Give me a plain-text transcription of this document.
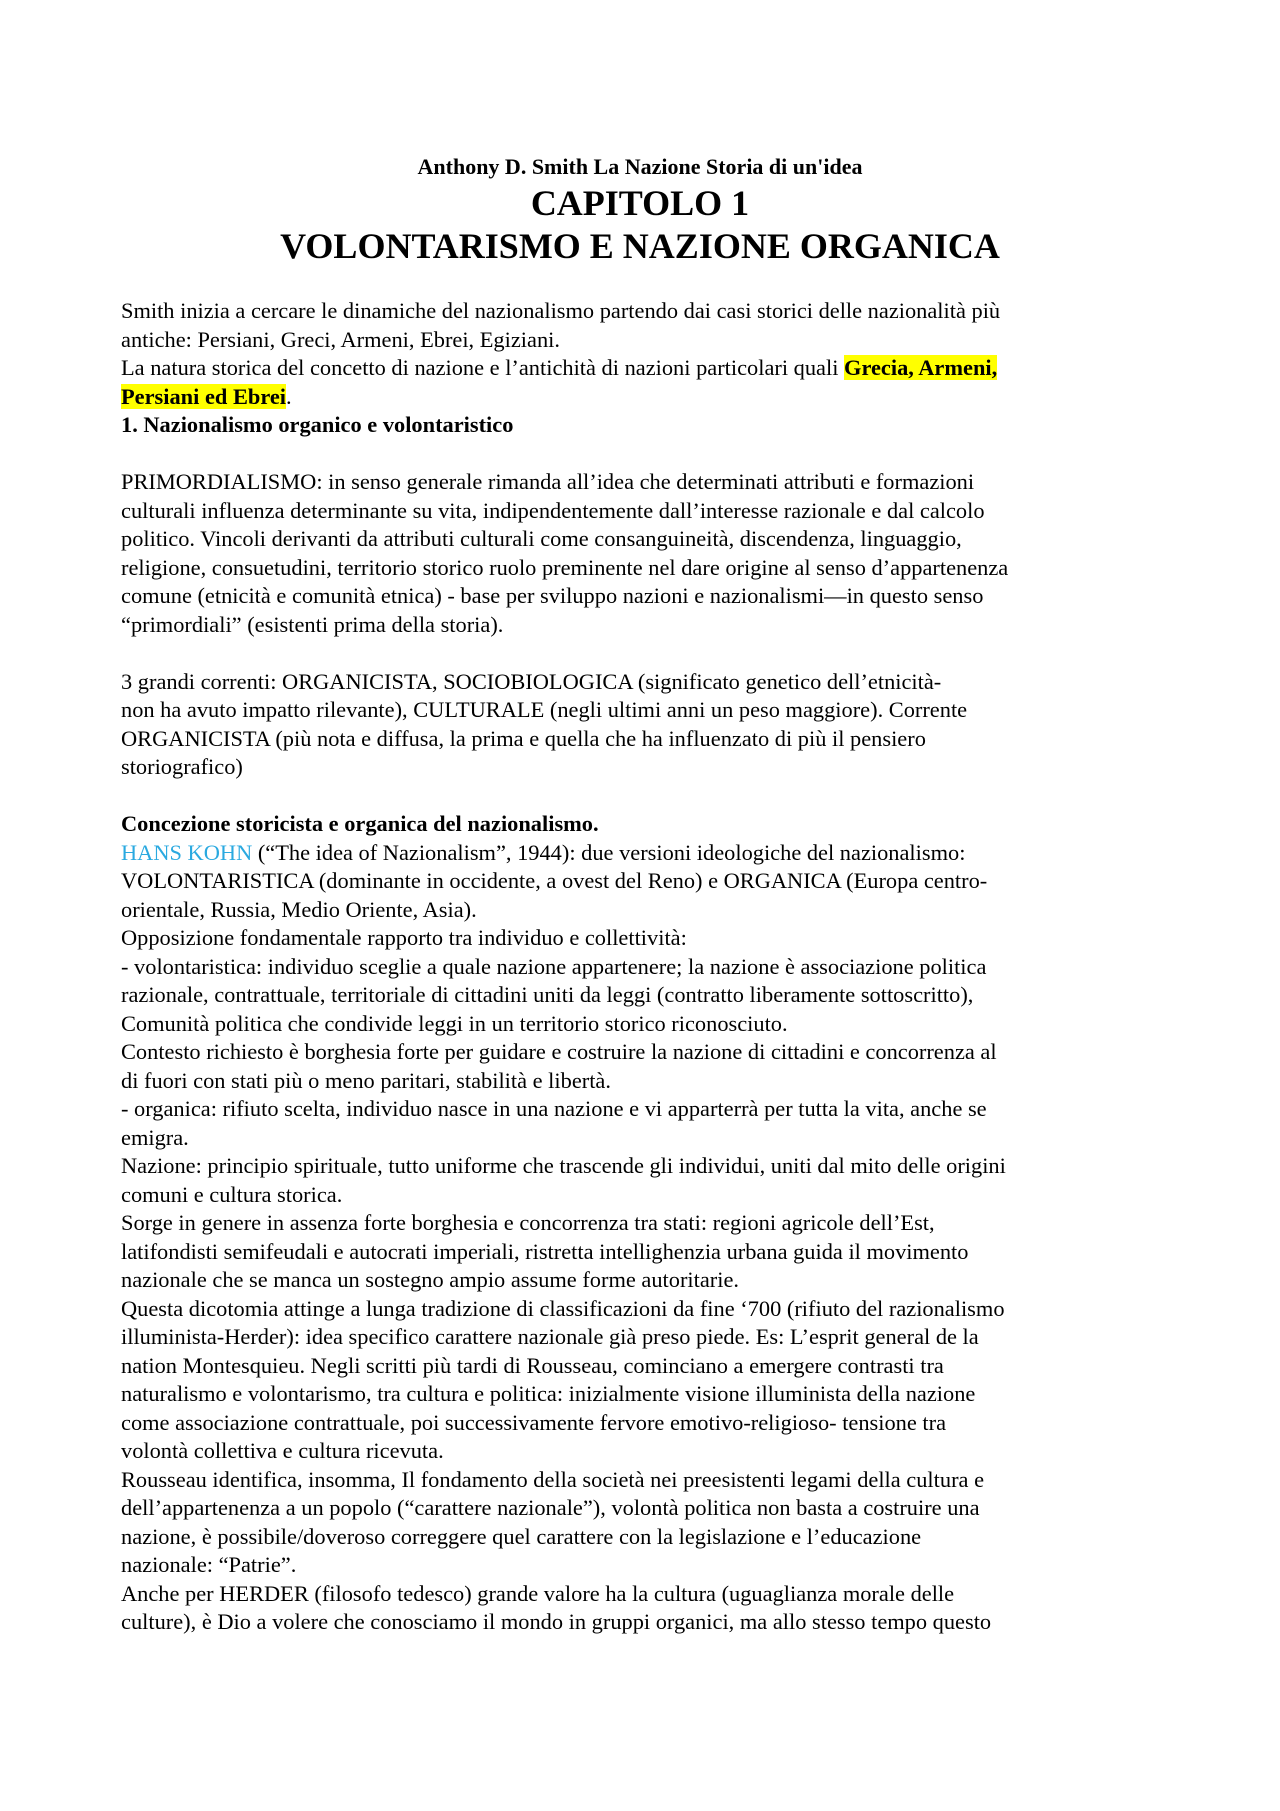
Anthony D. Smith La Nazione Storia di un'idea
CAPITOLO 1
VOLONTARISMO E NAZIONE ORGANICA

Smith inizia a cercare le dinamiche del nazionalismo partendo dai casi storici delle nazionalità più

antiche: Persiani, Greci, Armeni, Ebrei, Egiziani.

La natura storica del concetto di nazione e l’antichità di nazioni particolari quali Grecia, Armeni,

Persiani ed Ebrei.

1. Nazionalismo organico e volontaristico

PRIMORDIALISMO: in senso generale rimanda all’idea che determinati attributi e formazioni

culturali influenza determinante su vita, indipendentemente dall’interesse razionale e dal calcolo

politico. Vincoli derivanti da attributi culturali come consanguineità, discendenza, linguaggio,

religione, consuetudini, territorio storico ruolo preminente nel dare origine al senso d’appartenenza

comune (etnicità e comunità etnica) - base per sviluppo nazioni e nazionalismi—in questo senso

“primordiali” (esistenti prima della storia).

3 grandi correnti: ORGANICISTA, SOCIOBIOLOGICA (significato genetico dell’etnicità-

non ha avuto impatto rilevante), CULTURALE (negli ultimi anni un peso maggiore). Corrente

ORGANICISTA (più nota e diffusa, la prima e quella che ha influenzato di più il pensiero

storiografico)

Concezione storicista e organica del nazionalismo.

HANS KOHN (“The idea of Nazionalism”, 1944): due versioni ideologiche del nazionalismo:

VOLONTARISTICA (dominante in occidente, a ovest del Reno) e ORGANICA (Europa centro-

orientale, Russia, Medio Oriente, Asia).

Opposizione fondamentale rapporto tra individuo e collettività:

- volontaristica: individuo sceglie a quale nazione appartenere; la nazione è associazione politica

razionale, contrattuale, territoriale di cittadini uniti da leggi (contratto liberamente sottoscritto),

Comunità politica che condivide leggi in un territorio storico riconosciuto.

Contesto richiesto è borghesia forte per guidare e costruire la nazione di cittadini e concorrenza al

di fuori con stati più o meno paritari, stabilità e libertà.

- organica: rifiuto scelta, individuo nasce in una nazione e vi apparterrà per tutta la vita, anche se

emigra.

Nazione: principio spirituale, tutto uniforme che trascende gli individui, uniti dal mito delle origini

comuni e cultura storica.

Sorge in genere in assenza forte borghesia e concorrenza tra stati: regioni agricole dell’Est,

latifondisti semifeudali e autocrati imperiali, ristretta intellighenzia urbana guida il movimento

nazionale che se manca un sostegno ampio assume forme autoritarie.

Questa dicotomia attinge a lunga tradizione di classificazioni da fine ‘700 (rifiuto del razionalismo

illuminista-Herder): idea specifico carattere nazionale già preso piede. Es: L’esprit general de la

nation Montesquieu. Negli scritti più tardi di Rousseau, cominciano a emergere contrasti tra

naturalismo e volontarismo, tra cultura e politica: inizialmente visione illuminista della nazione

come associazione contrattuale, poi successivamente fervore emotivo-religioso- tensione tra

volontà collettiva e cultura ricevuta.

Rousseau identifica, insomma, Il fondamento della società nei preesistenti legami della cultura e

dell’appartenenza a un popolo (“carattere nazionale”), volontà politica non basta a costruire una

nazione, è possibile/doveroso correggere quel carattere con la legislazione e l’educazione

nazionale: “Patrie”.

Anche per HERDER (filosofo tedesco) grande valore ha la cultura (uguaglianza morale delle

culture), è Dio a volere che conosciamo il mondo in gruppi organici, ma allo stesso tempo questo
